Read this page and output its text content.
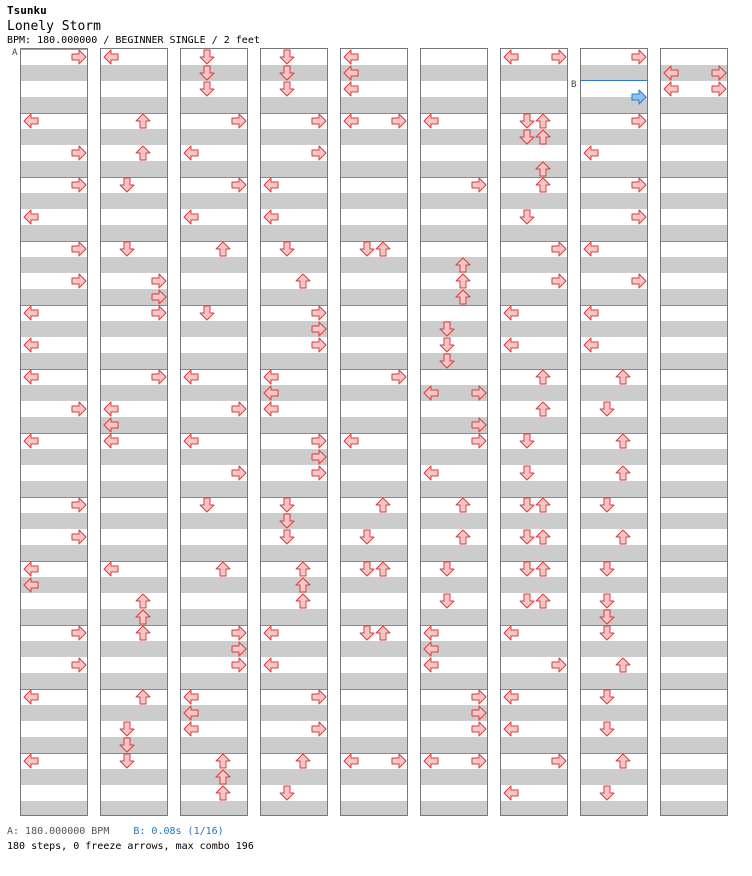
Tsunku
Lonely Storm
BPM: 180.000000 / BEGINNER SINGLE / 2 feet
A: 180.000000 BPM B: 0.08s (1/16)
180 steps, 0 freeze arrows, max combo 196
A
B
